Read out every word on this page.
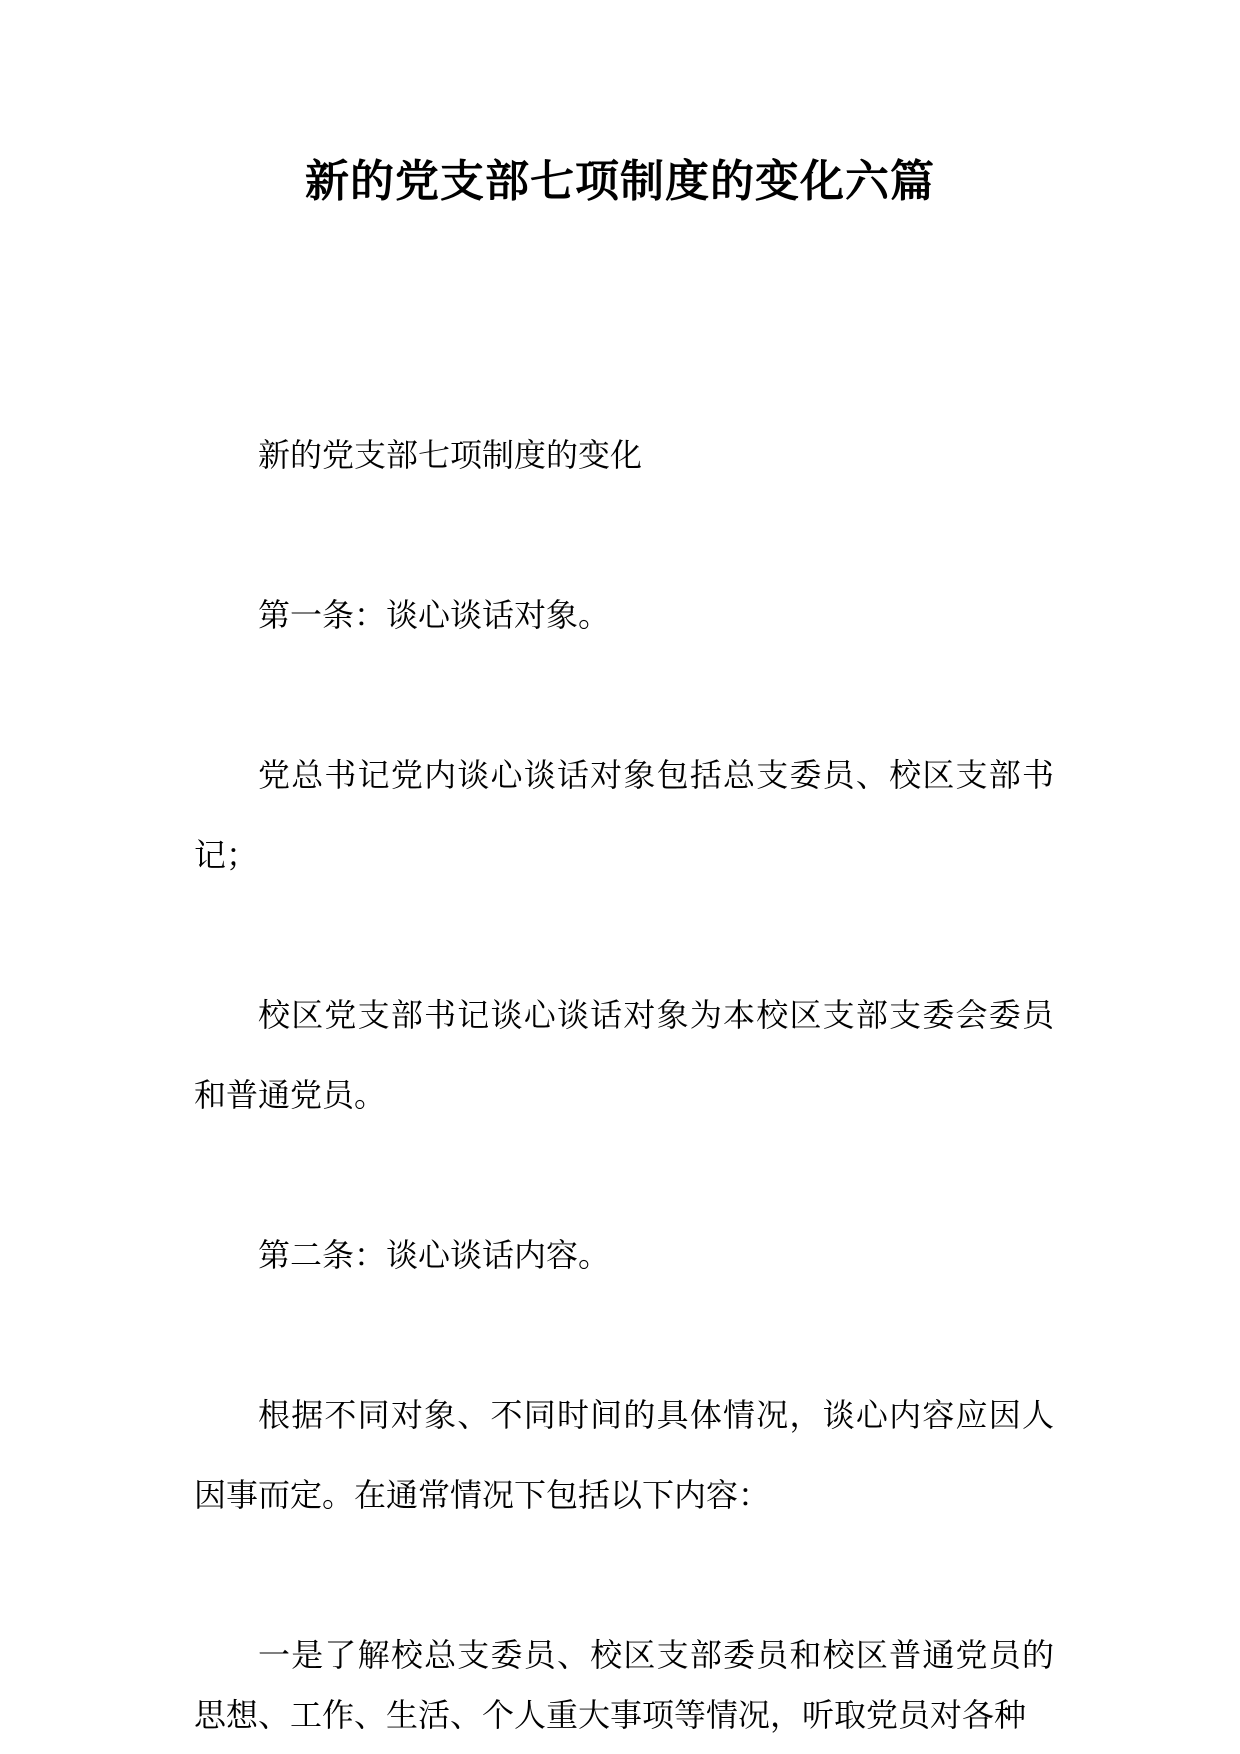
新的党支部七项制度的变化六篇

新的党支部七项制度的变化

第一条：谈心谈话对象。

党总书记党内谈心谈话对象包括总支委员、校区支部书记；

校区党支部书记谈心谈话对象为本校区支部支委会委员和普通党员。

第二条：谈心谈话内容。

根据不同对象、不同时间的具体情况，谈心内容应因人因事而定。在通常情况下包括以下内容：

一是了解校总支委员、校区支部委员和校区普通党员的思想、工作、生活、个人重大事项等情况，听取党员对各种
